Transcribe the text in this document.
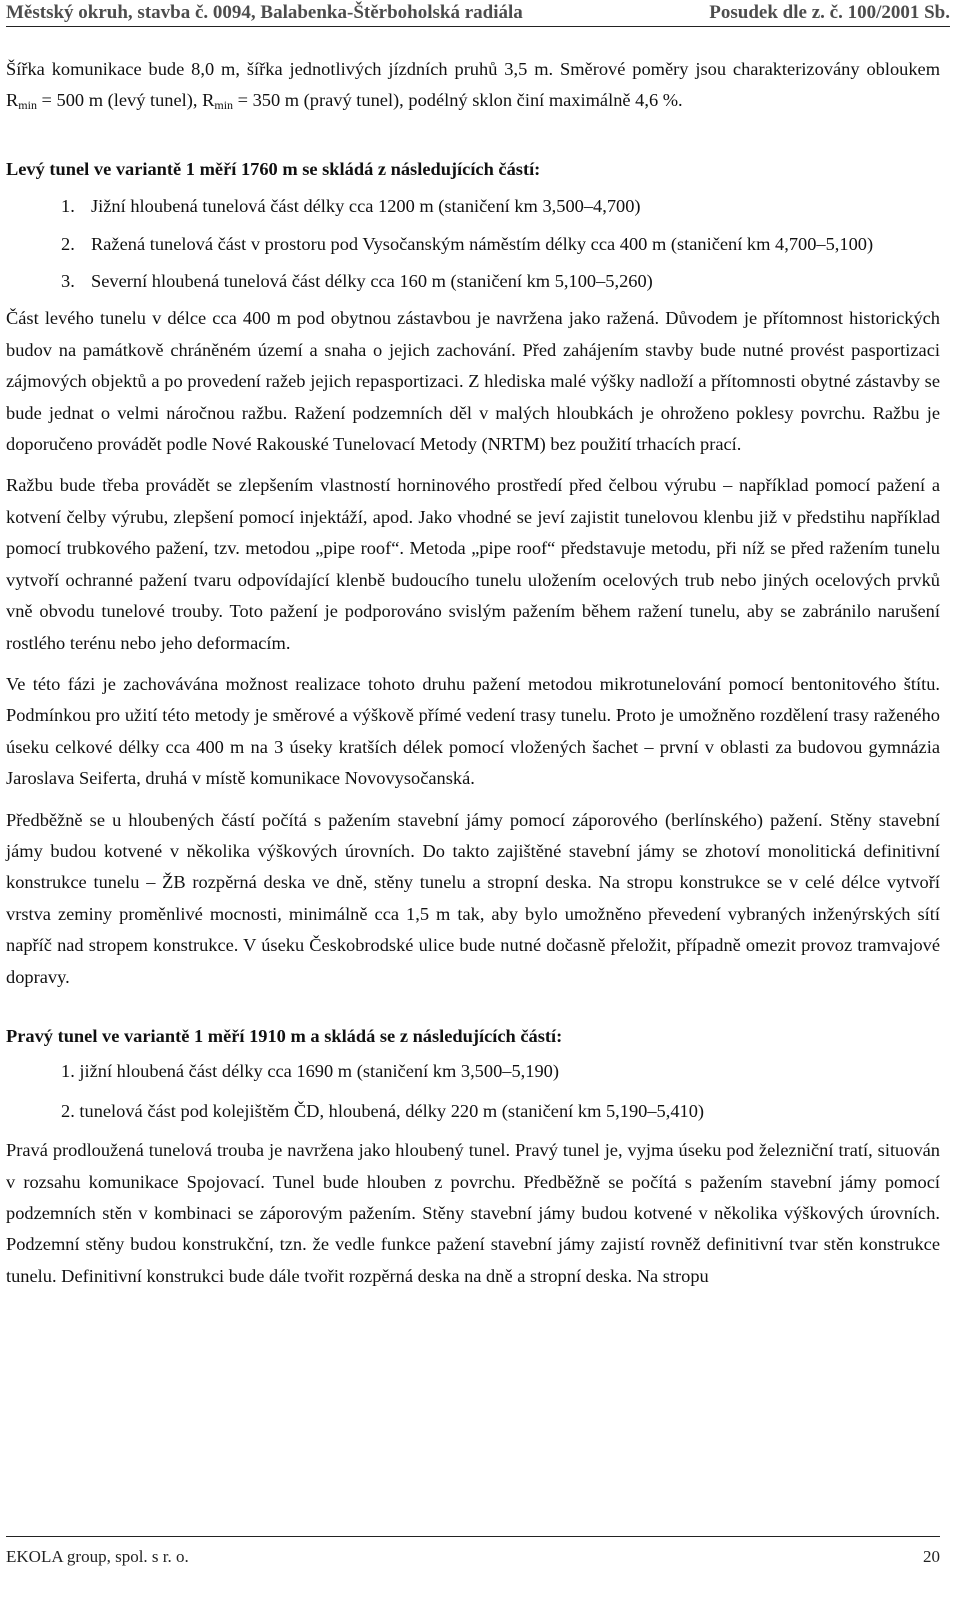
Městský okruh, stavba č. 0094, Balabenka-Štěrboholská radiála	Posudek dle z. č. 100/2001 Sb.

Šířka komunikace bude 8,0 m, šířka jednotlivých jízdních pruhů 3,5 m. Směrové poměry jsou charakterizovány obloukem $R_{min} = 500$ m (levý tunel), $R_{min} = 350$ m (pravý tunel), podélný sklon činí maximálně 4,6 %.

Levý tunel ve variantě 1 měří 1760 m se skládá z následujících částí:
1. Jižní hloubená tunelová část délky cca 1200 m (staničení km 3,500–4,700)
2. Ražená tunelová část v prostoru pod Vysočanským náměstím délky cca 400 m (staničení km 4,700–5,100)
3. Severní hloubená tunelová část délky cca 160 m (staničení km 5,100–5,260)

Část levého tunelu v délce cca 400 m pod obytnou zástavbou je navržena jako ražená. Důvodem je přítomnost historických budov na památkově chráněném území a snaha o jejich zachování. Před zahájením stavby bude nutné provést pasportizaci zájmových objektů a po provedení ražeb jejich repasportizaci. Z hlediska malé výšky nadloží a přítomnosti obytné zástavby se bude jednat o velmi náročnou ražbu. Ražení podzemních děl v malých hloubkách je ohroženo poklesy povrchu. Ražbu je doporučeno provádět podle Nové Rakouské Tunelovací Metody (NRTM) bez použití trhacích prací.

Ražbu bude třeba provádět se zlepšením vlastností horninového prostředí před čelbou výrubu – například pomocí pažení a kotvení čelby výrubu, zlepšení pomocí injektáží, apod. Jako vhodné se jeví zajistit tunelovou klenbu již v předstihu například pomocí trubkového pažení, tzv. metodou „pipe roof“. Metoda „pipe roof“ představuje metodu, při níž se před ražením tunelu vytvoří ochranné pažení tvaru odpovídající klenbě budoucího tunelu uložením ocelových trub nebo jiných ocelových prvků vně obvodu tunelové trouby. Toto pažení je podporováno svislým pažením během ražení tunelu, aby se zabránilo narušení rostlého terénu nebo jeho deformacím.

Ve této fázi je zachovávána možnost realizace tohoto druhu pažení metodou mikrotunelování pomocí bentonitového štítu. Podmínkou pro užití této metody je směrové a výškově přímé vedení trasy tunelu. Proto je umožněno rozdělení trasy raženého úseku celkové délky cca 400 m na 3 úseky kratších délek pomocí vložených šachet – první v oblasti za budovou gymnázia Jaroslava Seiferta, druhá v místě komunikace Novovysočanská.

Předběžně se u hloubených částí počítá s pažením stavební jámy pomocí záporového (berlínského) pažení. Stěny stavební jámy budou kotvené v několika výškových úrovních. Do takto zajištěné stavební jámy se zhotoví monolitická definitivní konstrukce tunelu – ŽB rozpěrná deska ve dně, stěny tunelu a stropní deska. Na stropu konstrukce se v celé délce vytvoří vrstva zeminy proměnlivé mocnosti, minimálně cca 1,5 m tak, aby bylo umožněno převedení vybraných inženýrských sítí napříč nad stropem konstrukce. V úseku Českobrodské ulice bude nutné dočasně přeložit, případně omezit provoz tramvajové dopravy.

Pravý tunel ve variantě 1 měří 1910 m a skládá se z následujících částí:
1. jižní hloubená část délky cca 1690 m (staničení km 3,500–5,190)
2. tunelová část pod kolejištěm ČD, hloubená, délky 220 m (staničení km 5,190–5,410)

Pravá prodloužená tunelová trouba je navržena jako hloubený tunel. Pravý tunel je, vyjma úseku pod železniční tratí, situován v rozsahu komunikace Spojovací. Tunel bude hlouben z povrchu. Předběžně se počítá s pažením stavební jámy pomocí podzemních stěn v kombinaci se záporovým pažením. Stěny stavební jámy budou kotvené v několika výškových úrovních. Podzemní stěny budou konstrukční, tzn. že vedle funkce pažení stavební jámy zajistí rovněž definitivní tvar stěn konstrukce tunelu. Definitivní konstrukci bude dále tvořit rozpěrná deska na dně a stropní deska. Na stropu

EKOLA group, spol. s r. o.	20
